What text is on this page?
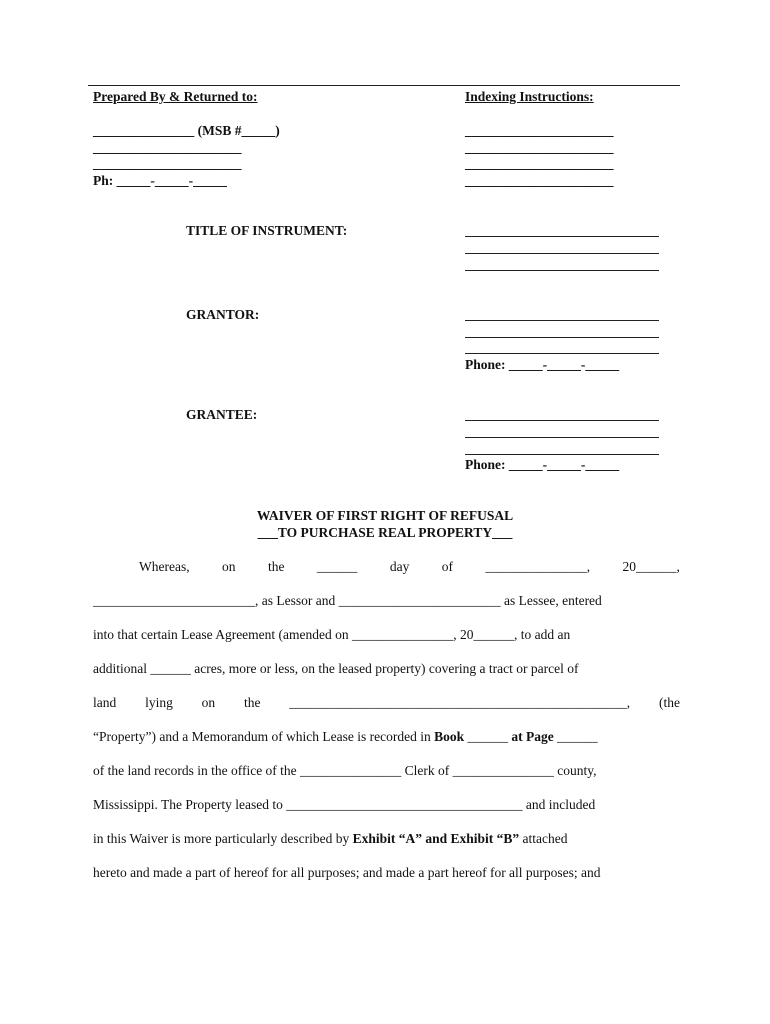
Prepared By & Returned to:
_______________ (MSB #_____)
______________________
______________________
Ph: _____-_____-_____
Indexing Instructions:
______________________
______________________
______________________
______________________
TITLE OF INSTRUMENT:
GRANTOR:
Phone: _____-_____-_____
GRANTEE:
Phone: _____-_____-_____
WAIVER OF FIRST RIGHT OF REFUSAL
___TO PURCHASE REAL PROPERTY___
Whereas, on the ______ day of _______________, 20______,
________________________, as Lessor and ________________________ as Lessee, entered
into that certain Lease Agreement (amended on _______________, 20______, to add an
additional ______ acres, more or less, on the leased property) covering a tract or parcel of
land lying on the __________________________________________________, (the
“Property”) and a Memorandum of which Lease is recorded in Book ______ at Page ______
of the land records in the office of the _______________ Clerk of _______________ county,
Mississippi. The Property leased to ___________________________________ and included
in this Waiver is more particularly described by Exhibit “A” and Exhibit “B” attached
hereto and made a part of hereof for all purposes; and made a part hereof for all purposes; and
